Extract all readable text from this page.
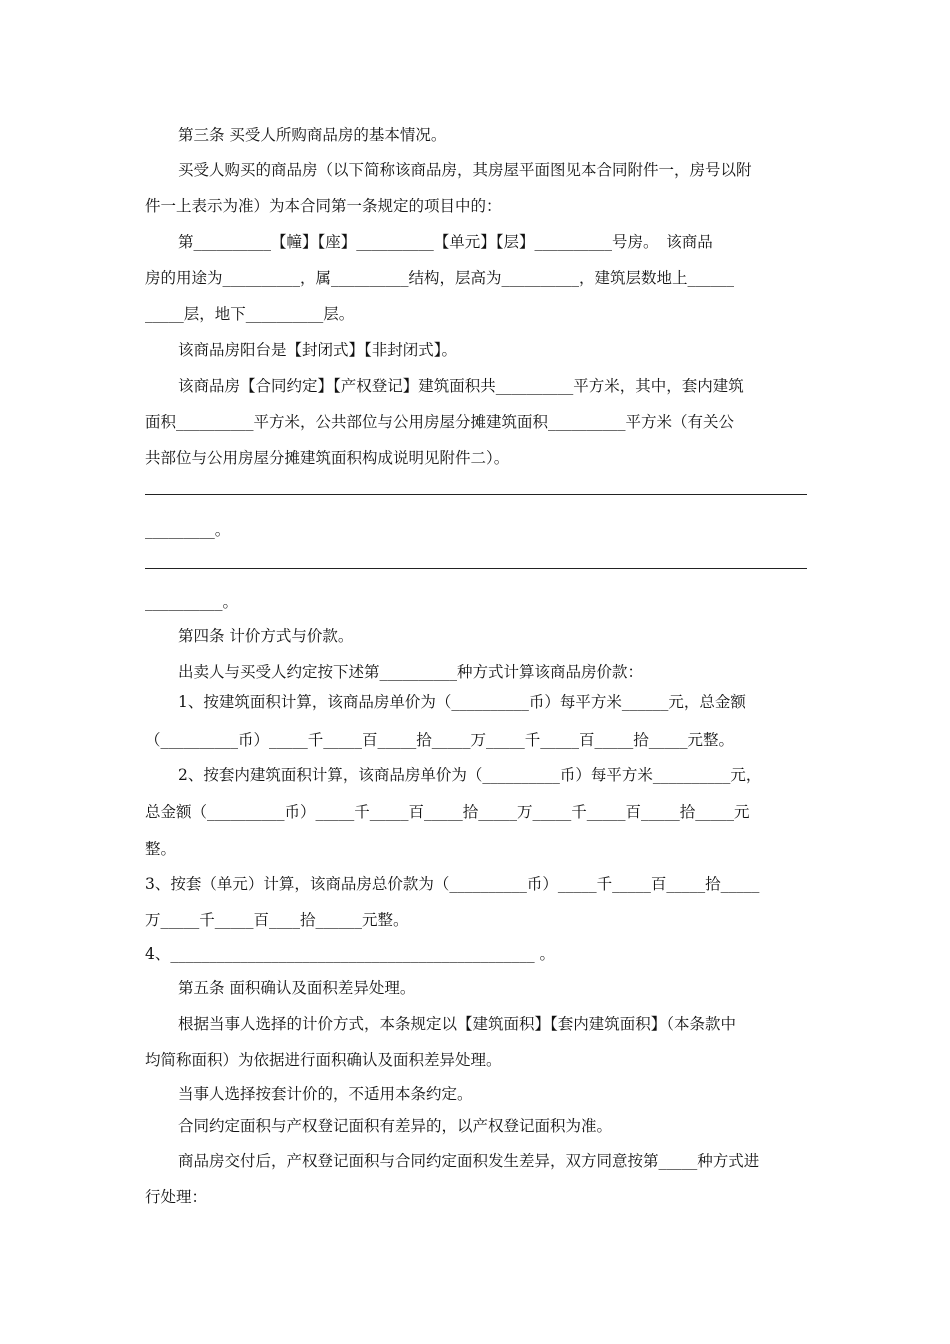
第三条 买受人所购商品房的基本情况。
买受人购买的商品房（以下简称该商品房，其房屋平面图见本合同附件一，房号以附
件一上表示为准）为本合同第一条规定的项目中的：
第__________【幢】【座】__________【单元】【层】__________号房。　该商品
房的用途为__________，属__________结构，层高为__________，建筑层数地上______
_____层，地下__________层。
该商品房阳台是【封闭式】【非封闭式】。
该商品房【合同约定】【产权登记】建筑面积共__________平方米，其中，套内建筑
面积__________平方米，公共部位与公用房屋分摊建筑面积__________平方米（有关公
共部位与公用房屋分摊建筑面积构成说明见附件二）。
_________。
__________。
第四条 计价方式与价款。
出卖人与买受人约定按下述第__________种方式计算该商品房价款：
1、按建筑面积计算，该商品房单价为（__________币）每平方米______元，总金额
（__________币）_____千_____百_____拾_____万_____千_____百_____拾_____元整。
2、按套内建筑面积计算，该商品房单价为（__________币）每平方米__________元，
总金额（__________币）_____千_____百_____拾_____万_____千_____百_____拾_____元
整。
3、按套（单元）计算，该商品房总价款为（__________币）_____千_____百_____拾_____
万_____千_____百____拾______元整。
4、_______________________________________________ 。
第五条 面积确认及面积差异处理。
根据当事人选择的计价方式，本条规定以【建筑面积】【套内建筑面积】（本条款中
均简称面积）为依据进行面积确认及面积差异处理。
当事人选择按套计价的，不适用本条约定。
合同约定面积与产权登记面积有差异的，以产权登记面积为准。
商品房交付后，产权登记面积与合同约定面积发生差异，双方同意按第_____种方式进
行处理：
